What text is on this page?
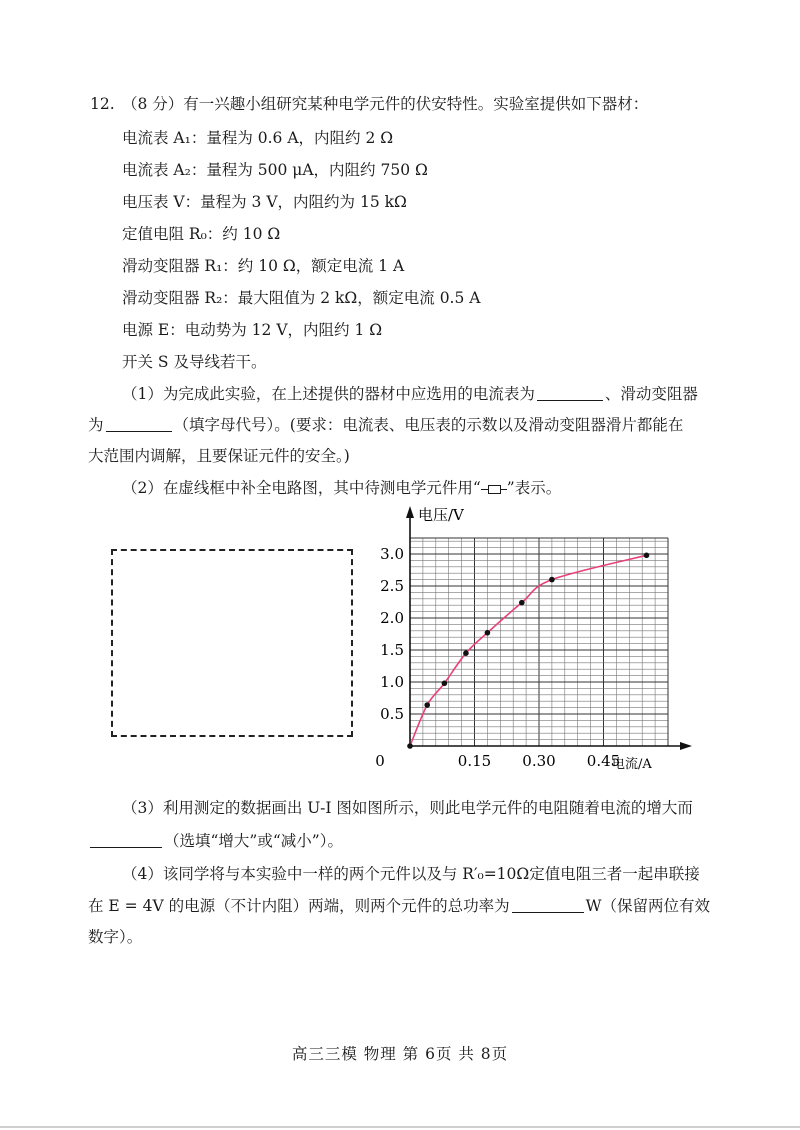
12. （8 分）有一兴趣小组研究某种电学元件的伏安特性。实验室提供如下器材：
电流表 A₁：量程为 0.6 A，内阻约 2 Ω
电流表 A₂：量程为 500 μA，内阻约 750 Ω
电压表 V：量程为 3 V，内阻约为 15 kΩ
定值电阻 R₀：约 10 Ω
滑动变阻器 R₁：约 10 Ω，额定电流 1 A
滑动变阻器 R₂：最大阻值为 2 kΩ，额定电流 0.5 A
电源 E：电动势为 12 V，内阻约 1 Ω
开关 S 及导线若干。
（1）为完成此实验，在上述提供的器材中应选用的电流表为	、滑动变阻器
为	（填字母代号）。(要求：电流表、电压表的示数以及滑动变阻器滑片都能在
大范围内调解，且要保证元件的安全。)
（2）在虚线框中补全电路图，其中待测电学元件用“ ”表示。
0.5
1.0
1.5
2.0
2.5
3.0
0	0.15 0.30 0.45
电压/V
电流/A
（3）利用测定的数据画出 U-I 图如图所示，则此电学元件的电阻随着电流的增大而
（选填“增大”或“减小”）。
（4）该同学将与本实验中一样的两个元件以及与 R′₀=10Ω定值电阻三者一起串联接
在 E = 4V 的电源（不计内阻）两端，则两个元件的总功率为	W（保留两位有效
数字）。
高三三模 物理 第 6页 共 8页
